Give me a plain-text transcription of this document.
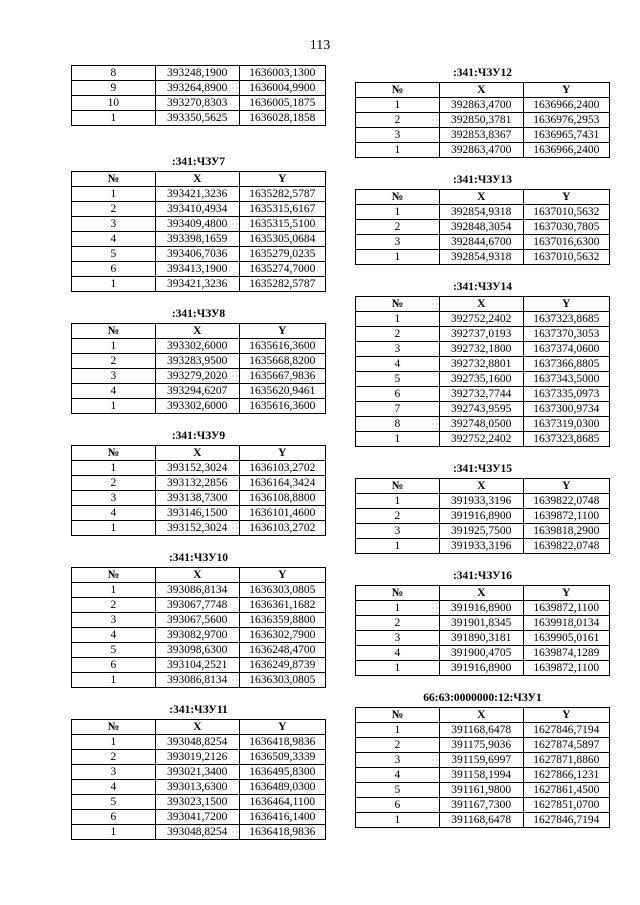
113
8	393248,1900	1636003,1300
9	393264,8900	1636004,9900
10	393270,8303	1636005,1875
1	393350,5625	1636028,1858
:341:ЧЗУ7
№	X	Y
1	393421,3236	1635282,5787
2	393410,4934	1635315,6167
3	393409,4800	1635315,5100
4	393398,1659	1635305,0684
5	393406,7036	1635279,0235
6	393413,1900	1635274,7000
1	393421,3236	1635282,5787
:341:ЧЗУ8
№	X	Y
1	393302,6000	1635616,3600
2	393283,9500	1635668,8200
3	393279,2020	1635667,9836
4	393294,6207	1635620,9461
1	393302,6000	1635616,3600
:341:ЧЗУ9
№	X	Y
1	393152,3024	1636103,2702
2	393132,2856	1636164,3424
3	393138,7300	1636108,8800
4	393146,1500	1636101,4600
1	393152,3024	1636103,2702
:341:ЧЗУ10
№	X	Y
1	393086,8134	1636303,0805
2	393067,7748	1636361,1682
3	393067,5600	1636359,8800
4	393082,9700	1636302,7900
5	393098,6300	1636248,4700
6	393104,2521	1636249,8739
1	393086,8134	1636303,0805
:341:ЧЗУ11
№	X	Y
1	393048,8254	1636418,9836
2	393019,2126	1636509,3339
3	393021,3400	1636495,8300
4	393013,6300	1636489,0300
5	393023,1500	1636464,1100
6	393041,7200	1636416,1400
1	393048,8254	1636418,9836
:341:ЧЗУ12
№	X	Y
1	392863,4700	1636966,2400
2	392850,3781	1636976,2953
3	392853,8367	1636965,7431
1	392863,4700	1636966,2400
:341:ЧЗУ13
№	X	Y
1	392854,9318	1637010,5632
2	392848,3054	1637030,7805
3	392844,6700	1637016,6300
1	392854,9318	1637010,5632
:341:ЧЗУ14
№	X	Y
1	392752,2402	1637323,8685
2	392737,0193	1637370,3053
3	392732,1800	1637374,0600
4	392732,8801	1637366,8805
5	392735,1600	1637343,5000
6	392732,7744	1637335,0973
7	392743,9595	1637300,9734
8	392748,0500	1637319,0300
1	392752,2402	1637323,8685
:341:ЧЗУ15
№	X	Y
1	391933,3196	1639822,0748
2	391916,8900	1639872,1100
3	391925,7500	1639818,2900
1	391933,3196	1639822,0748
:341:ЧЗУ16
№	X	Y
1	391916,8900	1639872,1100
2	391901,8345	1639918,0134
3	391890,3181	1639905,0161
4	391900,4705	1639874,1289
1	391916,8900	1639872,1100
66:63:0000000:12:ЧЗУ1
№	X	Y
1	391168,6478	1627846,7194
2	391175,9036	1627874,5897
3	391159,6997	1627871,8860
4	391158,1994	1627866,1231
5	391161,9800	1627861,4500
6	391167,7300	1627851,0700
1	391168,6478	1627846,7194
